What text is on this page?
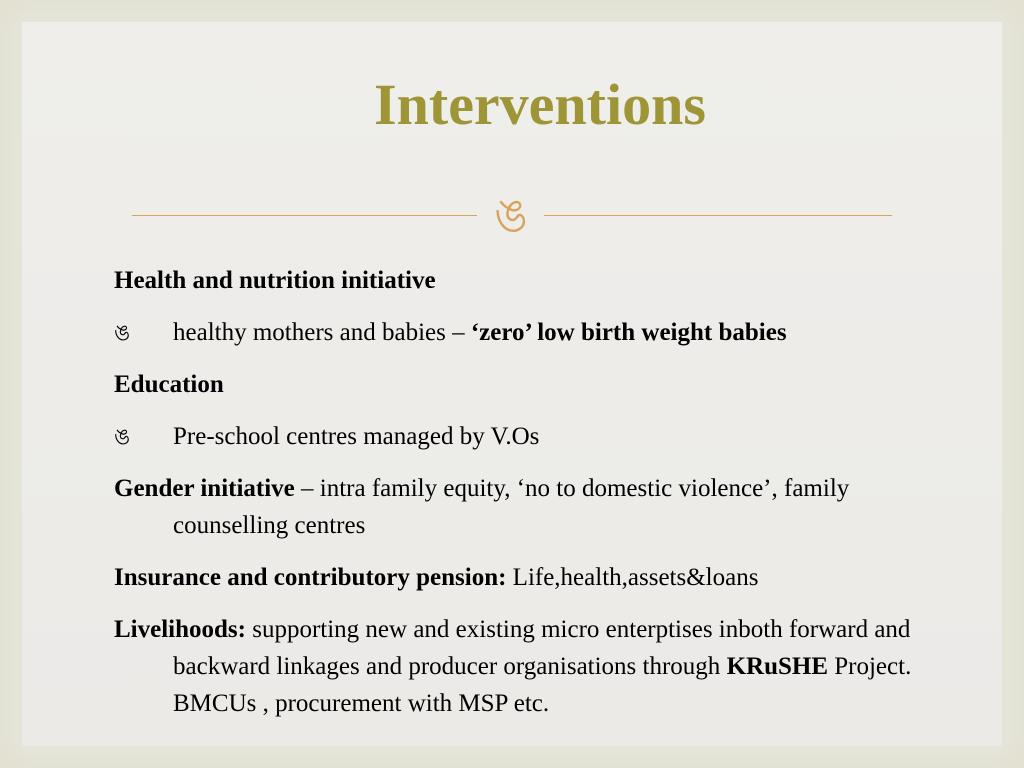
Interventions
ঙ

Health and nutrition initiative

ঙ	healthy mothers and babies – ‘zero’ low birth weight babies

Education

ঙ	Pre-school centres managed by V.Os

Gender initiative – intra family equity, ‘no to domestic violence’, family counselling centres

Insurance and contributory pension: Life,health,assets&loans

Livelihoods: supporting new and existing micro enterptises inboth forward and backward linkages and producer organisations through KRuSHE Project. BMCUs , procurement with MSP etc.
